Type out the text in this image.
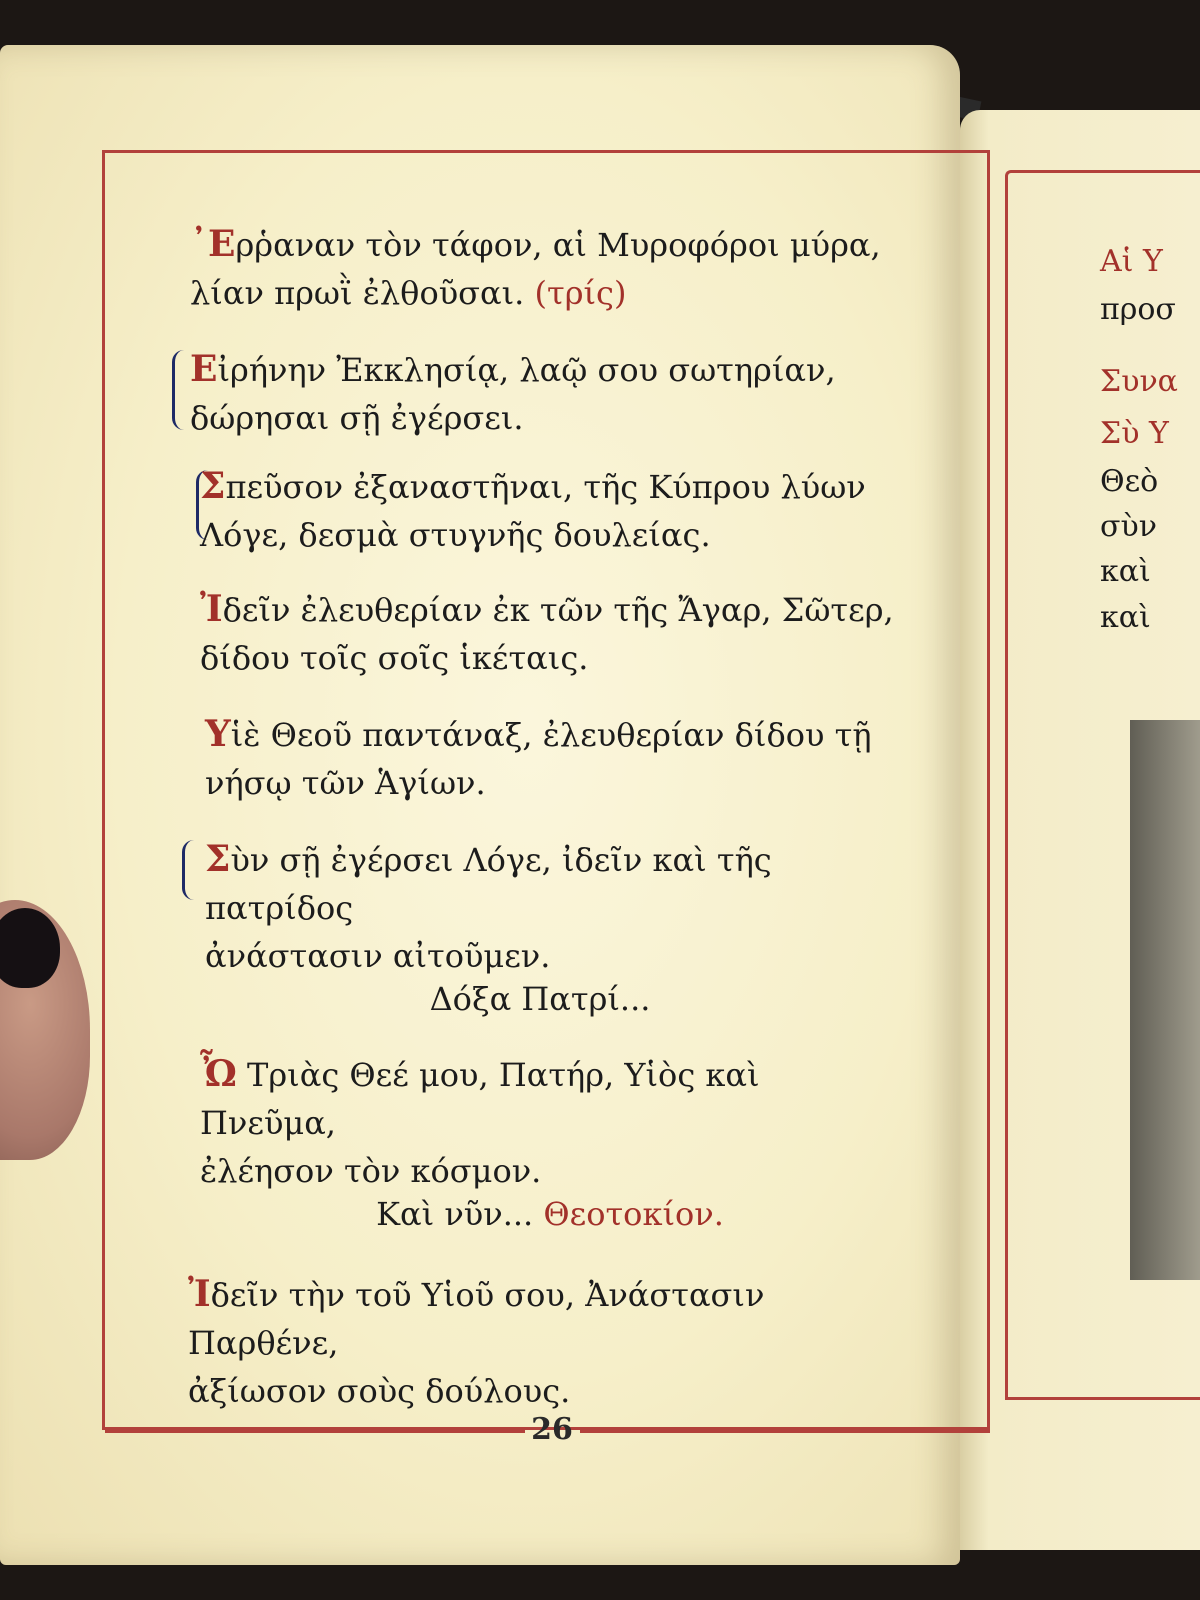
᾿Ερῥαναν τὸν τάφον, αἱ Μυροφόροι μύρα,

λίαν πρωῒ ἐλθοῦσαι. (τρίς)

Εἰρήνην Ἐκκλησίᾳ, λαῷ σου σωτηρίαν,

δώρησαι σῇ ἐγέρσει.

Σπεῦσον ἐξαναστῆναι, τῆς Κύπρου λύων

Λόγε, δεσμὰ στυγνῆς δουλείας.

Ἰδεῖν ἐλευθερίαν ἐκ τῶν τῆς Ἄγαρ, Σῶτερ,

δίδου τοῖς σοῖς ἱκέταις.

Υἱὲ Θεοῦ παντάναξ, ἐλευθερίαν δίδου τῇ

νήσῳ τῶν Ἁγίων.

Σὺν σῇ ἐγέρσει Λόγε, ἰδεῖν καὶ τῆς πατρίδος

ἀνάστασιν αἰτοῦμεν.

Δόξα Πατρί...

Ὦ Τριὰς Θεέ μου, Πατήρ, Υἱὸς καὶ Πνεῦμα,

ἐλέησον τὸν κόσμον.

Καὶ νῦν... Θεοτοκίον.

Ἰδεῖν τὴν τοῦ Υἱοῦ σου, Ἀνάστασιν Παρθένε,

ἀξίωσον σοὺς δούλους.

26
Αἱ Υ
προσ
Συνα
Σὺ Υ
Θεὸ
σὺν
καὶ
καὶ
